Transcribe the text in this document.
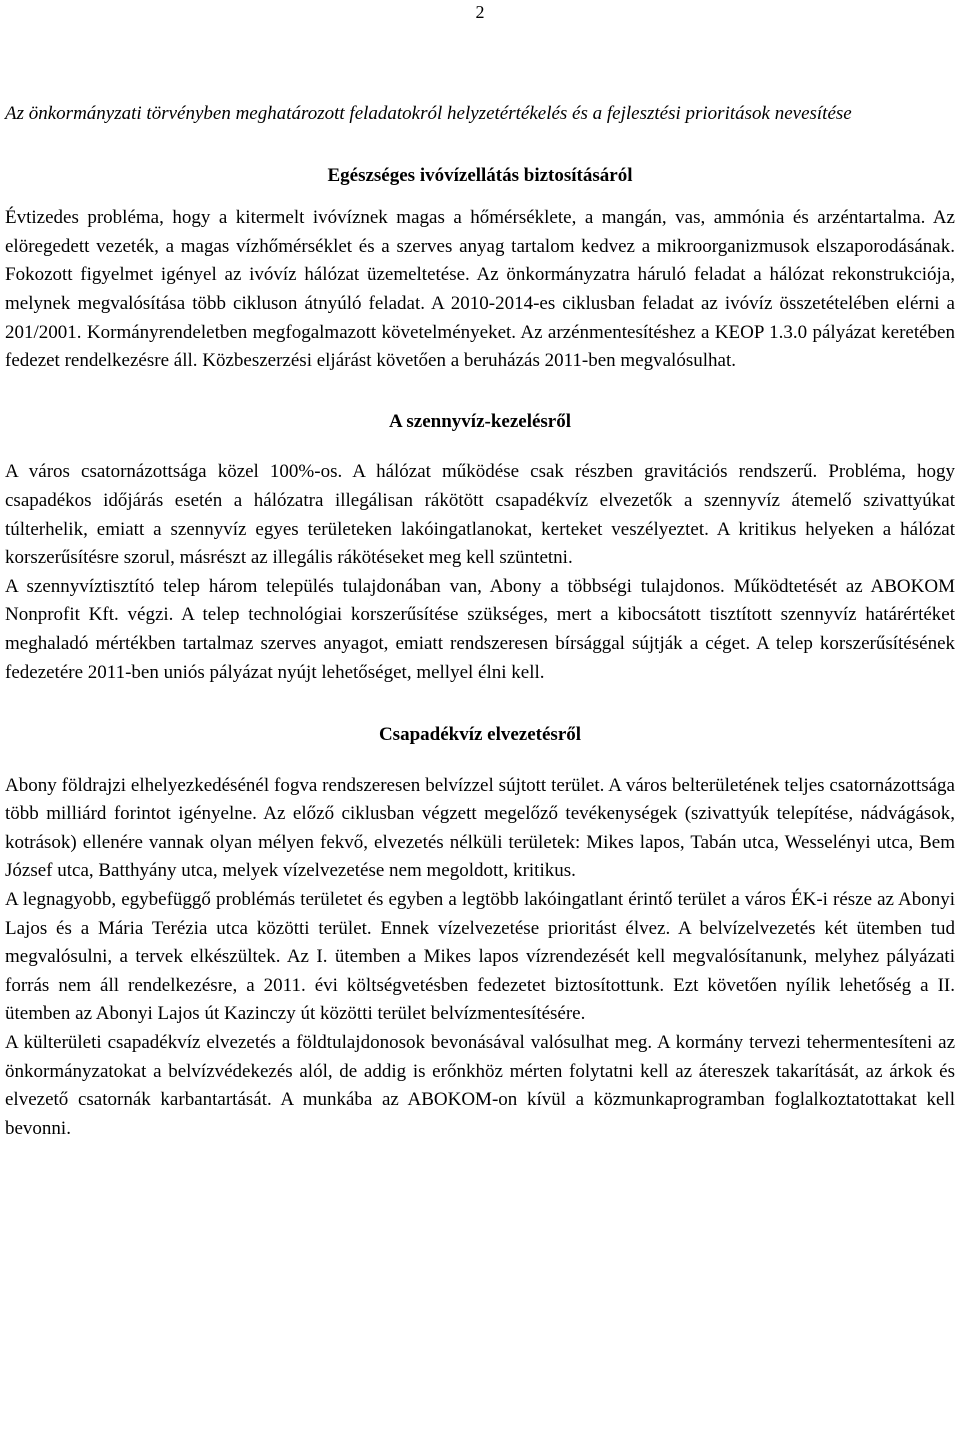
2

Az önkormányzati törvényben meghatározott feladatokról helyzetértékelés és a fejlesztési prioritások nevesítése

Egészséges ivóvízellátás biztosításáról

Évtizedes probléma, hogy a kitermelt ivóvíznek magas a hőmérséklete, a mangán, vas, ammónia és arzéntartalma. Az elöregedett vezeték, a magas vízhőmérséklet és a szerves anyag tartalom kedvez a mikroorganizmusok elszaporodásának. Fokozott figyelmet igényel az ivóvíz hálózat üzemeltetése. Az önkormányzatra háruló feladat a hálózat rekonstrukciója, melynek megvalósítása több cikluson átnyúló feladat. A 2010-2014-es ciklusban feladat az ivóvíz összetételében elérni a 201/2001. Kormányrendeletben megfogalmazott követelményeket. Az arzénmentesítéshez a KEOP 1.3.0 pályázat keretében fedezet rendelkezésre áll. Közbeszerzési eljárást követően a beruházás 2011-ben megvalósulhat.

A szennyvíz-kezelésről

A város csatornázottsága közel 100%-os. A hálózat működése csak részben gravitációs rendszerű. Probléma, hogy csapadékos időjárás esetén a hálózatra illegálisan rákötött csapadékvíz elvezetők a szennyvíz átemelő szivattyúkat túlterhelik, emiatt a szennyvíz egyes területeken lakóingatlanokat, kerteket veszélyeztet. A kritikus helyeken a hálózat korszerűsítésre szorul, másrészt az illegális rákötéseket meg kell szüntetni.

A szennyvíztisztító telep három település tulajdonában van, Abony a többségi tulajdonos. Működtetését az ABOKOM Nonprofit Kft. végzi. A telep technológiai korszerűsítése szükséges, mert a kibocsátott tisztított szennyvíz határértéket meghaladó mértékben tartalmaz szerves anyagot, emiatt rendszeresen bírsággal sújtják a céget. A telep korszerűsítésének fedezetére 2011-ben uniós pályázat nyújt lehetőséget, mellyel élni kell.

Csapadékvíz elvezetésről

Abony földrajzi elhelyezkedésénél fogva rendszeresen belvízzel sújtott terület. A város belterületének teljes csatornázottsága több milliárd forintot igényelne. Az előző ciklusban végzett megelőző tevékenységek (szivattyúk telepítése, nádvágások, kotrások) ellenére vannak olyan mélyen fekvő, elvezetés nélküli területek: Mikes lapos, Tabán utca, Wesselényi utca, Bem József utca, Batthyány utca, melyek vízelvezetése nem megoldott, kritikus.

A legnagyobb, egybefüggő problémás területet és egyben a legtöbb lakóingatlant érintő terület a város ÉK-i része az Abonyi Lajos és a Mária Terézia utca közötti terület. Ennek vízelvezetése prioritást élvez. A belvízelvezetés két ütemben tud megvalósulni, a tervek elkészültek. Az I. ütemben a Mikes lapos vízrendezését kell megvalósítanunk, melyhez pályázati forrás nem áll rendelkezésre, a 2011. évi költségvetésben fedezetet biztosítottunk. Ezt követően nyílik lehetőség a II. ütemben az Abonyi Lajos út Kazinczy út közötti terület belvízmentesítésére.

A külterületi csapadékvíz elvezetés a földtulajdonosok bevonásával valósulhat meg. A kormány tervezi tehermentesíteni az önkormányzatokat a belvízvédekezés alól, de addig is erőnkhöz mérten folytatni kell az átereszek takarítását, az árkok és elvezető csatornák karbantartását. A munkába az ABOKOM-on kívül a közmunkaprogramban foglalkoztatottakat kell bevonni.
